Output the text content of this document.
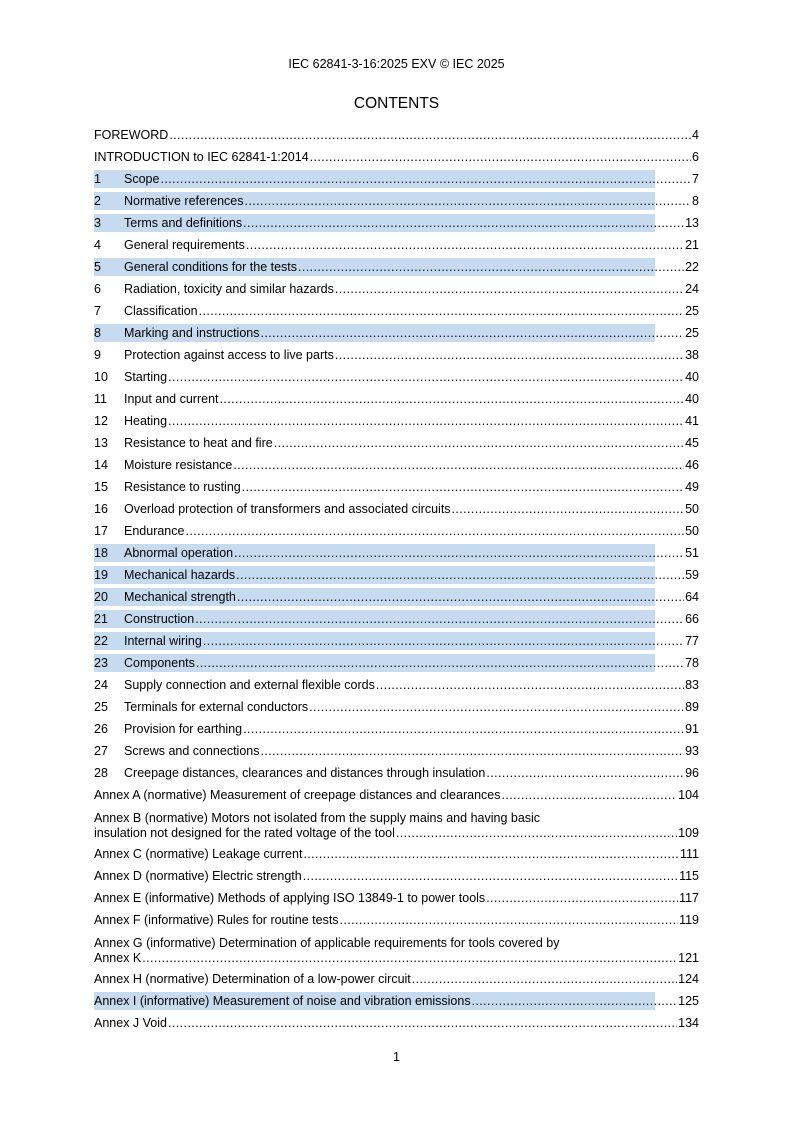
IEC 62841-3-16:2025 EXV © IEC 2025
CONTENTS
FOREWORD .....	4
INTRODUCTION to IEC 62841-1:2014 .....	6
1	Scope .....	7
2	Normative references .....	8
3	Terms and definitions .....	13
4	General requirements .....	21
5	General conditions for the tests .....	22
6	Radiation, toxicity and similar hazards .....	24
7	Classification .....	25
8	Marking and instructions .....	25
9	Protection against access to live parts .....	38
10	Starting .....	40
11	Input and current .....	40
12	Heating .....	41
13	Resistance to heat and fire .....	45
14	Moisture resistance .....	46
15	Resistance to rusting .....	49
16	Overload protection of transformers and associated circuits .....	50
17	Endurance .....	50
18	Abnormal operation .....	51
19	Mechanical hazards .....	59
20	Mechanical strength .....	64
21	Construction .....	66
22	Internal wiring .....	77
23	Components .....	78
24	Supply connection and external flexible cords .....	83
25	Terminals for external conductors .....	89
26	Provision for earthing .....	91
27	Screws and connections .....	93
28	Creepage distances, clearances and distances through insulation .....	96
Annex A (normative) Measurement of creepage distances and clearances .....	104
Annex B (normative) Motors not isolated from the supply mains and having basic
insulation not designed for the rated voltage of the tool .....	109
Annex C (normative) Leakage current .....	111
Annex D (normative) Electric strength .....	115
Annex E (informative) Methods of applying ISO 13849-1 to power tools .....	117
Annex F (informative) Rules for routine tests .....	119
Annex G (informative) Determination of applicable requirements for tools covered by
Annex K .....	121
Annex H (normative) Determination of a low-power circuit .....	124
Annex I (informative) Measurement of noise and vibration emissions .....	125
Annex J Void .....	134
1
